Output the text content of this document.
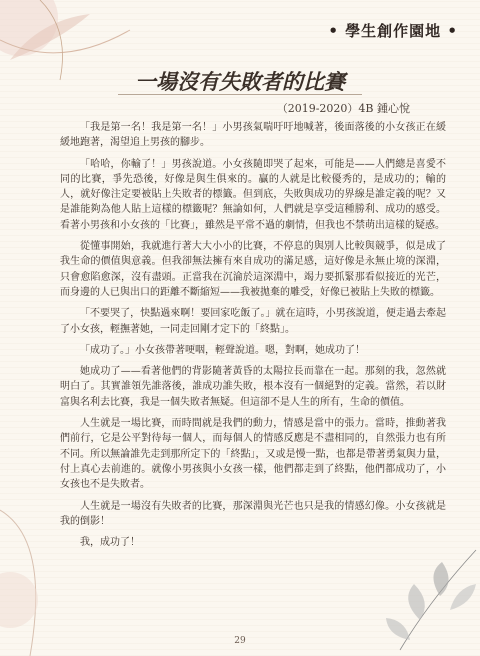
• 學生創作園地 •
一場沒有失敗者的比賽
（2019-2020）4B 鍾心悅

「我是第一名！我是第一名！」小男孩氣喘吁吁地喊著，後面落後的小女孩正在緩緩地跑著，渴望追上男孩的腳步。

「哈哈，你輸了！」男孩說道。小女孩隨即哭了起來，可能是——人們總是喜愛不同的比賽，爭先恐後，好像是與生俱來的。贏的人就是比較優秀的，是成功的；輸的人，就好像注定要被貼上失敗者的標籤。但到底，失敗與成功的界線是誰定義的呢？又是誰能夠為他人貼上這樣的標籤呢？無論如何，人們就是享受這種勝利、成功的感受。看著小男孩和小女孩的「比賽」，雖然是平常不過的劇情，但我也不禁萌出這樣的疑惑。

從懂事開始，我就進行著大大小小的比賽，不停息的與別人比較與競爭，似是成了我生命的價值與意義。但我卻無法擁有來自成功的滿足感，這好像是永無止境的深淵，只會愈陷愈深，沒有盡頭。正當我在沉淪於這深淵中，竭力要抓緊那看似接近的光芒，而身邊的人已與出口的距離不斷縮短——我被拋棄的雕受，好像已被貼上失敗的標籤。

「不要哭了，快點過來啊！要回家吃飯了。」就在這時，小男孩說道，便走過去牽起了小女孩，輕撫著她，一同走回剛才定下的「終點」。

「成功了。」小女孩帶著哽咽，輕聲說道。嗯，對啊，她成功了！

她成功了——看著他們的背影隨著黃昏的太陽拉長而靠在一起。那刻的我，忽然就明白了。其實誰領先誰落後，誰成功誰失敗，根本沒有一個絕對的定義。當然，若以財富與名利去比賽，我是一個失敗者無疑。但這卻不是人生的所有，生命的價值。

人生就是一場比賽，而時間就是我們的動力，情感是當中的張力。當時，推動著我們前行，它是公平對待每一個人，而每個人的情感反應是不盡相同的，自然張力也有所不同。所以無論誰先走到那所定下的「終點」，又或是慢一點，也都是帶著勇氣與力量，付上真心去前進的。就像小男孩與小女孩一樣，他們都走到了終點，他們都成功了，小女孩也不是失敗者。

人生就是一場沒有失敗者的比賽，那深淵與光芒也只是我的情感幻像。小女孩就是我的倒影！

我，成功了！

29
